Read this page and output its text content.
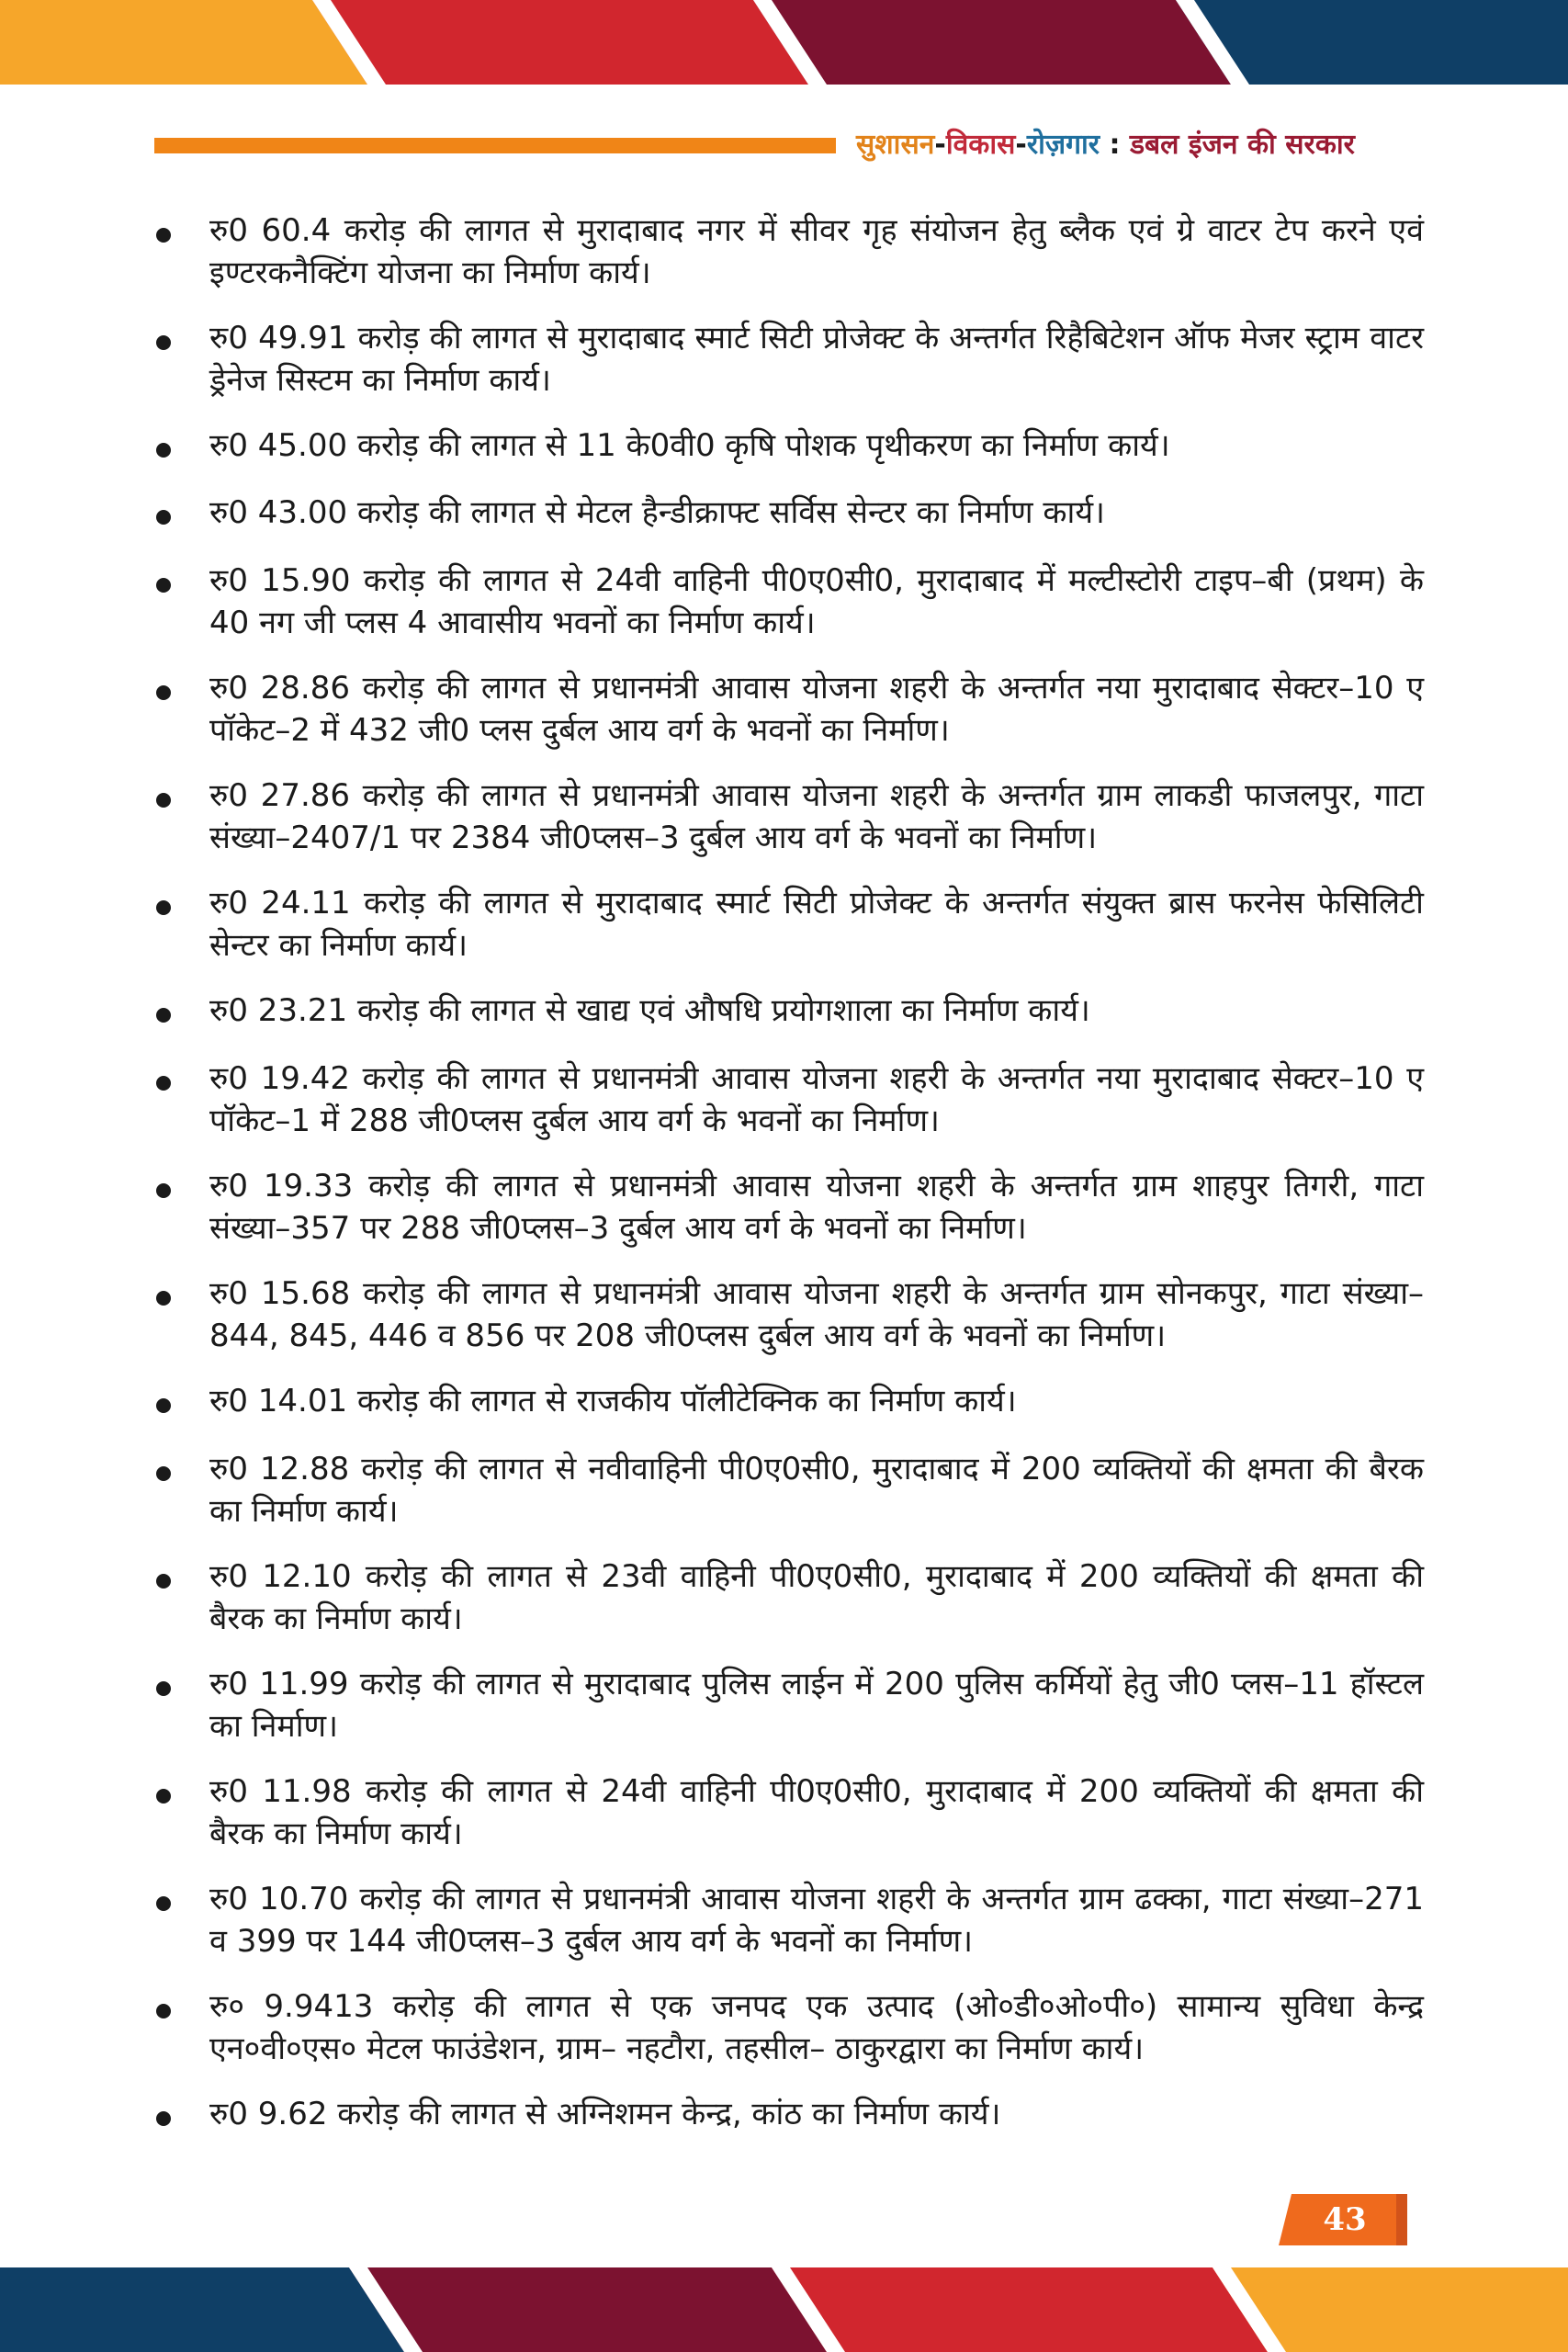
सुशासन-विकास-रोज़गार : डबल इंजन की सरकार
रु0 60.4 करोड़ की लागत से मुरादाबाद नगर में सीवर गृह संयोजन हेतु ब्लैक एवं ग्रे वाटर टेप करने एवं इण्टरकनैक्टिंग योजना का निर्माण कार्य।
रु0 49.91 करोड़ की लागत से मुरादाबाद स्मार्ट सिटी प्रोजेक्ट के अन्तर्गत रिहैबिटेशन ऑफ मेजर स्ट्राम वाटर ड्रेनेज सिस्टम का निर्माण कार्य।
रु0 45.00 करोड़ की लागत से 11 के0वी0 कृषि पोशक पृथीकरण का निर्माण कार्य।
रु0 43.00 करोड़ की लागत से मेटल हैन्डीक्राफ्ट सर्विस सेन्टर का निर्माण कार्य।
रु0 15.90 करोड़ की लागत से 24वी वाहिनी पी0ए0सी0, मुरादाबाद में मल्टीस्टोरी टाइप–बी (प्रथम) के 40 नग जी प्लस 4 आवासीय भवनों का निर्माण कार्य।
रु0 28.86 करोड़ की लागत से प्रधानमंत्री आवास योजना शहरी के अन्तर्गत नया मुरादाबाद सेक्टर–10 ए पॉकेट–2 में 432 जी0 प्लस दुर्बल आय वर्ग के भवनों का निर्माण।
रु0 27.86 करोड़ की लागत से प्रधानमंत्री आवास योजना शहरी के अन्तर्गत ग्राम लाकडी फाजलपुर, गाटा संख्या–2407/1 पर 2384 जी0प्लस–3 दुर्बल आय वर्ग के भवनों का निर्माण।
रु0 24.11 करोड़ की लागत से मुरादाबाद स्मार्ट सिटी प्रोजेक्ट के अन्तर्गत संयुक्त ब्रास फरनेस फेसिलिटी सेन्टर का निर्माण कार्य।
रु0 23.21 करोड़ की लागत से खाद्य एवं औषधि प्रयोगशाला का निर्माण कार्य।
रु0 19.42 करोड़ की लागत से प्रधानमंत्री आवास योजना शहरी के अन्तर्गत नया मुरादाबाद सेक्टर–10 ए पॉकेट–1 में 288 जी0प्लस दुर्बल आय वर्ग के भवनों का निर्माण।
रु0 19.33 करोड़ की लागत से प्रधानमंत्री आवास योजना शहरी के अन्तर्गत ग्राम शाहपुर तिगरी, गाटा संख्या–357 पर 288 जी0प्लस–3 दुर्बल आय वर्ग के भवनों का निर्माण।
रु0 15.68 करोड़ की लागत से प्रधानमंत्री आवास योजना शहरी के अन्तर्गत ग्राम सोनकपुर, गाटा संख्या–844, 845, 446 व 856 पर 208 जी0प्लस दुर्बल आय वर्ग के भवनों का निर्माण।
रु0 14.01 करोड़ की लागत से राजकीय पॉलीटेक्निक का निर्माण कार्य।
रु0 12.88 करोड़ की लागत से नवीवाहिनी पी0ए0सी0, मुरादाबाद में 200 व्यक्तियों की क्षमता की बैरक का निर्माण कार्य।
रु0 12.10 करोड़ की लागत से 23वी वाहिनी पी0ए0सी0, मुरादाबाद में 200 व्यक्तियों की क्षमता की बैरक का निर्माण कार्य।
रु0 11.99 करोड़ की लागत से मुरादाबाद पुलिस लाईन में 200 पुलिस कर्मियों हेतु जी0 प्लस–11 हॉस्टल का निर्माण।
रु0 11.98 करोड़ की लागत से 24वी वाहिनी पी0ए0सी0, मुरादाबाद में 200 व्यक्तियों की क्षमता की बैरक का निर्माण कार्य।
रु0 10.70 करोड़ की लागत से प्रधानमंत्री आवास योजना शहरी के अन्तर्गत ग्राम ढक्का, गाटा संख्या–271 व 399 पर 144 जी0प्लस–3 दुर्बल आय वर्ग के भवनों का निर्माण।
रु० 9.9413 करोड़ की लागत से एक जनपद एक उत्पाद (ओ०डी०ओ०पी०) सामान्य सुविधा केन्द्र एन०वी०एस० मेटल फाउंडेशन, ग्राम– नहटौरा, तहसील– ठाकुरद्वारा का निर्माण कार्य।
रु0 9.62 करोड़ की लागत से अग्निशमन केन्द्र, कांठ का निर्माण कार्य।
43
